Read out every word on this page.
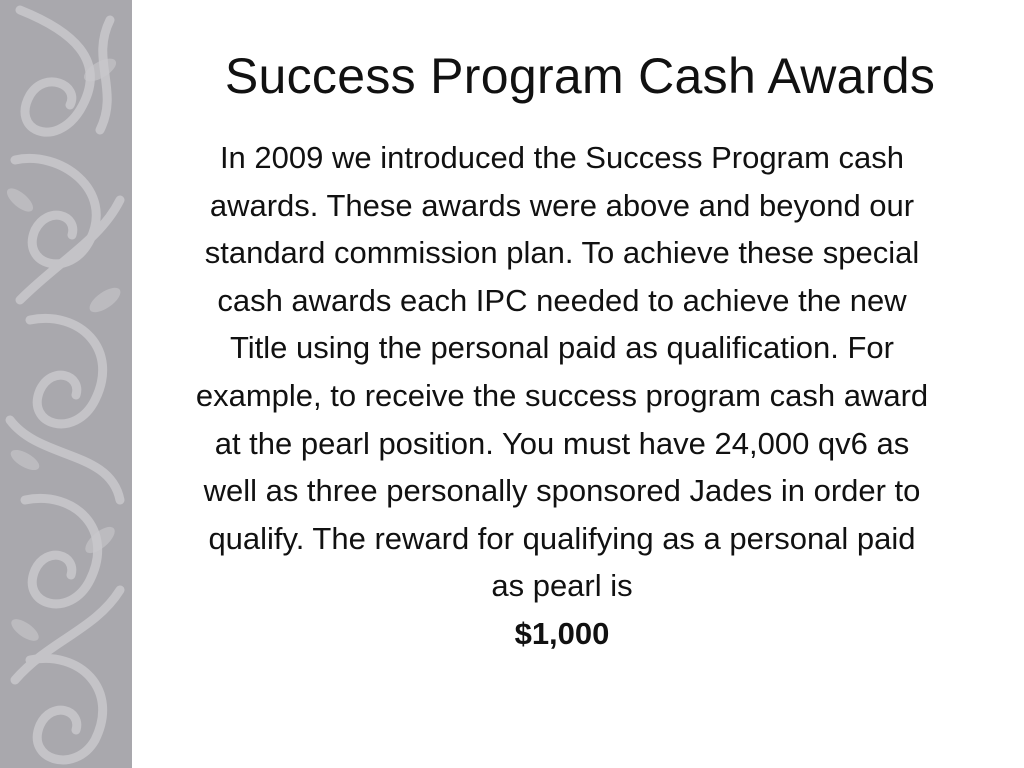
Success Program Cash Awards

In 2009 we introduced the Success Program cash awards. These awards were above and beyond our standard commission plan. To achieve these special cash awards each IPC needed to achieve the new Title using the personal paid as qualification. For example, to receive the success program cash award at the pearl position. You must have 24,000 qv6 as well as three personally sponsored Jades in order to qualify. The reward for qualifying as a personal paid as pearl is
$1,000
